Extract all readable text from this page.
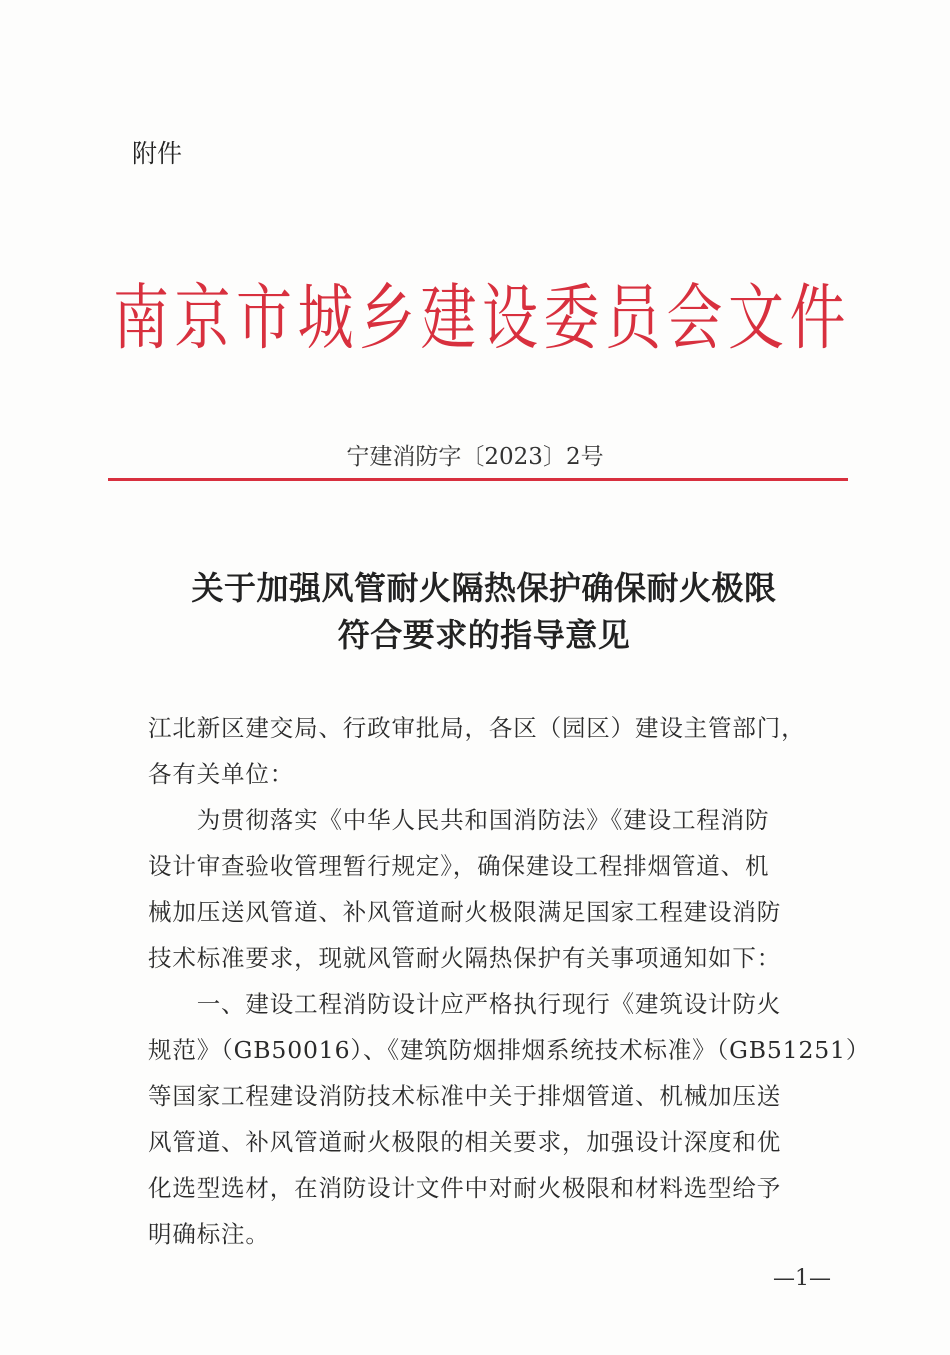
附件
南京市城乡建设委员会文件
宁建消防字〔2023〕2号
关于加强风管耐火隔热保护确保耐火极限
符合要求的指导意见
江北新区建交局、行政审批局，各区（园区）建设主管部门，
各有关单位：
　　为贯彻落实《中华人民共和国消防法》《建设工程消防
设计审查验收管理暂行规定》，确保建设工程排烟管道、机
械加压送风管道、补风管道耐火极限满足国家工程建设消防
技术标准要求，现就风管耐火隔热保护有关事项通知如下：
　　一、建设工程消防设计应严格执行现行《建筑设计防火
规范》（GB50016）、《建筑防烟排烟系统技术标准》（GB51251）
等国家工程建设消防技术标准中关于排烟管道、机械加压送
风管道、补风管道耐火极限的相关要求，加强设计深度和优
化选型选材，在消防设计文件中对耐火极限和材料选型给予
明确标注。
—1—
